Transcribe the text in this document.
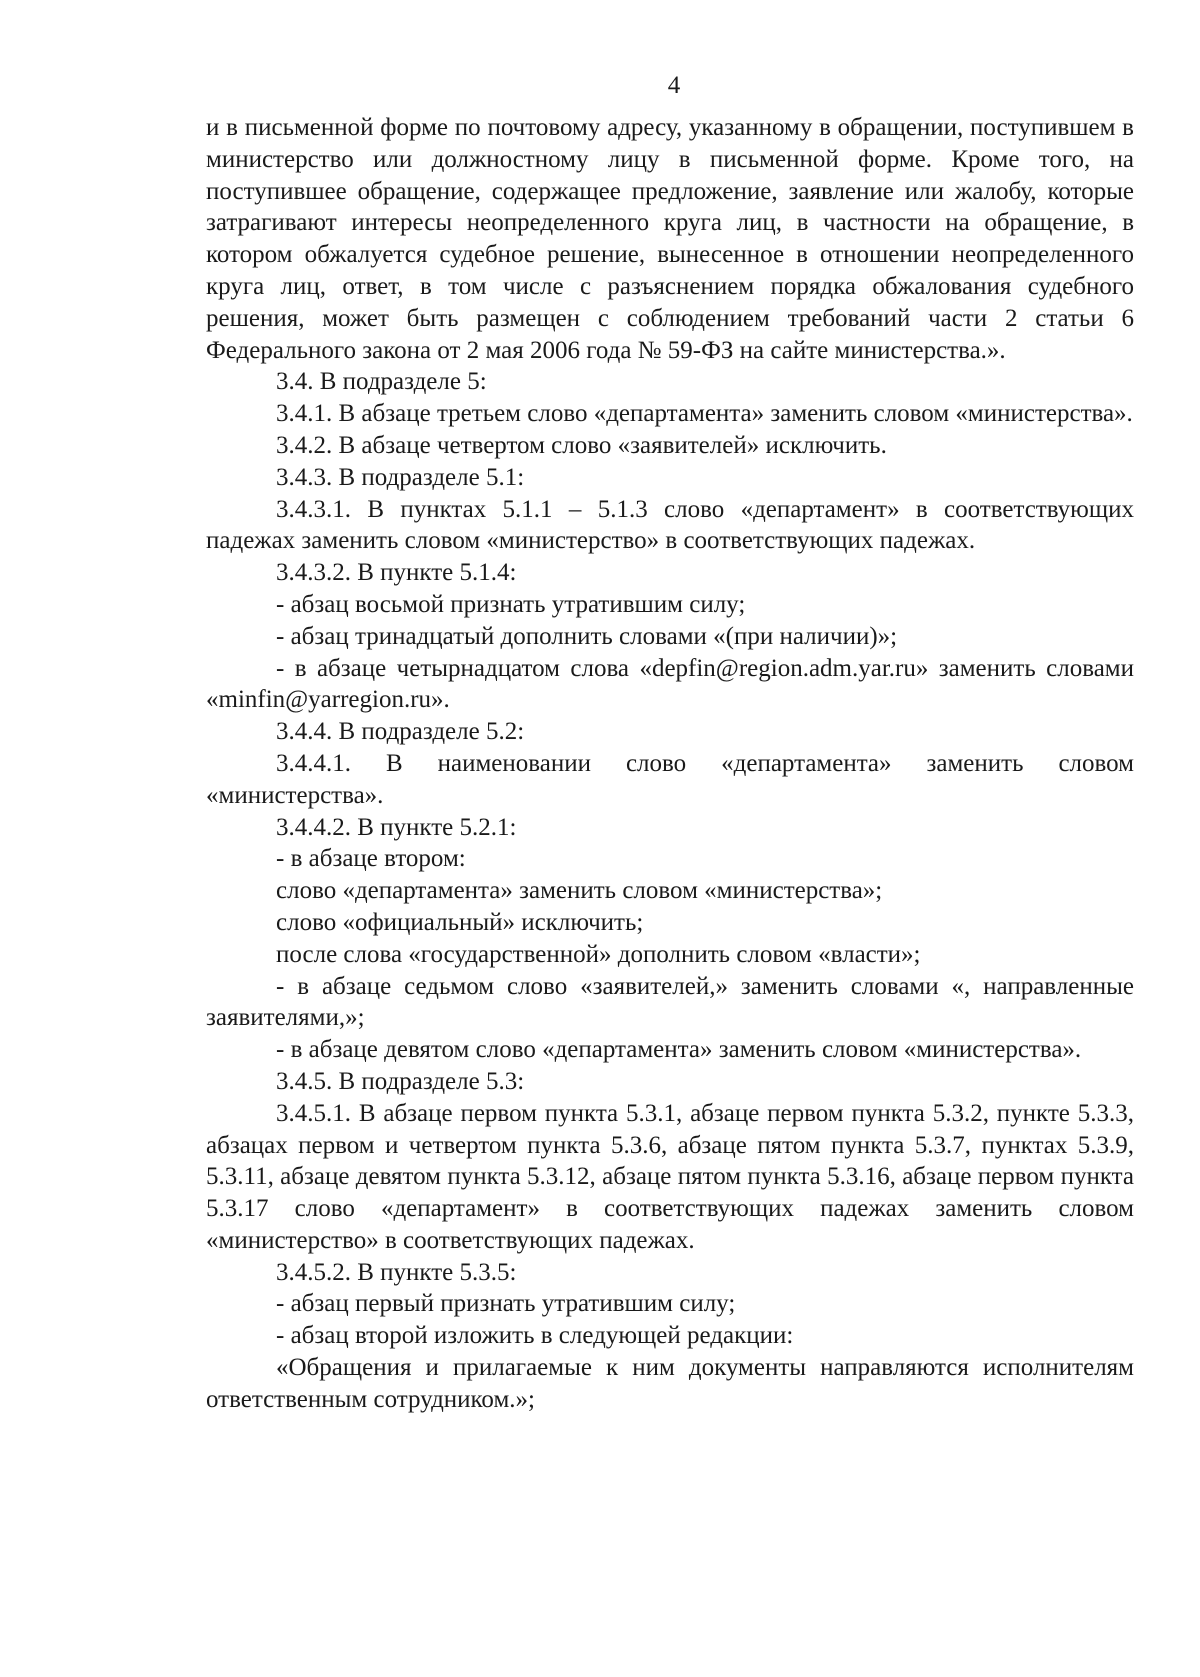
4

и в письменной форме по почтовому адресу, указанному в обращении, поступившем в министерство или должностному лицу в письменной форме. Кроме того, на поступившее обращение, содержащее предложение, заявление или жалобу, которые затрагивают интересы неопределенного круга лиц, в частности на обращение, в котором обжалуется судебное решение, вынесенное в отношении неопределенного круга лиц, ответ, в том числе с разъяснением порядка обжалования судебного решения, может быть размещен с соблюдением требований части 2 статьи 6 Федерального закона от 2 мая 2006 года № 59-ФЗ на сайте министерства.».

3.4. В подразделе 5:

3.4.1. В абзаце третьем слово «департамента» заменить словом «министерства».

3.4.2. В абзаце четвертом слово «заявителей» исключить.

3.4.3. В подразделе 5.1:

3.4.3.1. В пунктах 5.1.1 – 5.1.3 слово «департамент» в соответствующих падежах заменить словом «министерство» в соответствующих падежах.

3.4.3.2. В пункте 5.1.4:

- абзац восьмой признать утратившим силу;

- абзац тринадцатый дополнить словами «(при наличии)»;

- в абзаце четырнадцатом слова «depfin@region.adm.yar.ru» заменить словами «minfin@yarregion.ru».

3.4.4. В подразделе 5.2:

3.4.4.1. В наименовании слово «департамента» заменить словом «министерства».

3.4.4.2. В пункте 5.2.1:

- в абзаце втором:

слово «департамента» заменить словом «министерства»;

слово «официальный» исключить;

после слова «государственной» дополнить словом «власти»;

- в абзаце седьмом слово «заявителей,» заменить словами «, направленные заявителями,»;

- в абзаце девятом слово «департамента» заменить словом «министерства».

3.4.5. В подразделе 5.3:

3.4.5.1. В абзаце первом пункта 5.3.1, абзаце первом пункта 5.3.2, пункте 5.3.3, абзацах первом и четвертом пункта 5.3.6, абзаце пятом пункта 5.3.7, пунктах 5.3.9, 5.3.11, абзаце девятом пункта 5.3.12, абзаце пятом пункта 5.3.16, абзаце первом пункта 5.3.17 слово «департамент» в соответствующих падежах заменить словом «министерство» в соответствующих падежах.

3.4.5.2. В пункте 5.3.5:

- абзац первый признать утратившим силу;

- абзац второй изложить в следующей редакции:

«Обращения и прилагаемые к ним документы направляются исполнителям ответственным сотрудником.»;
